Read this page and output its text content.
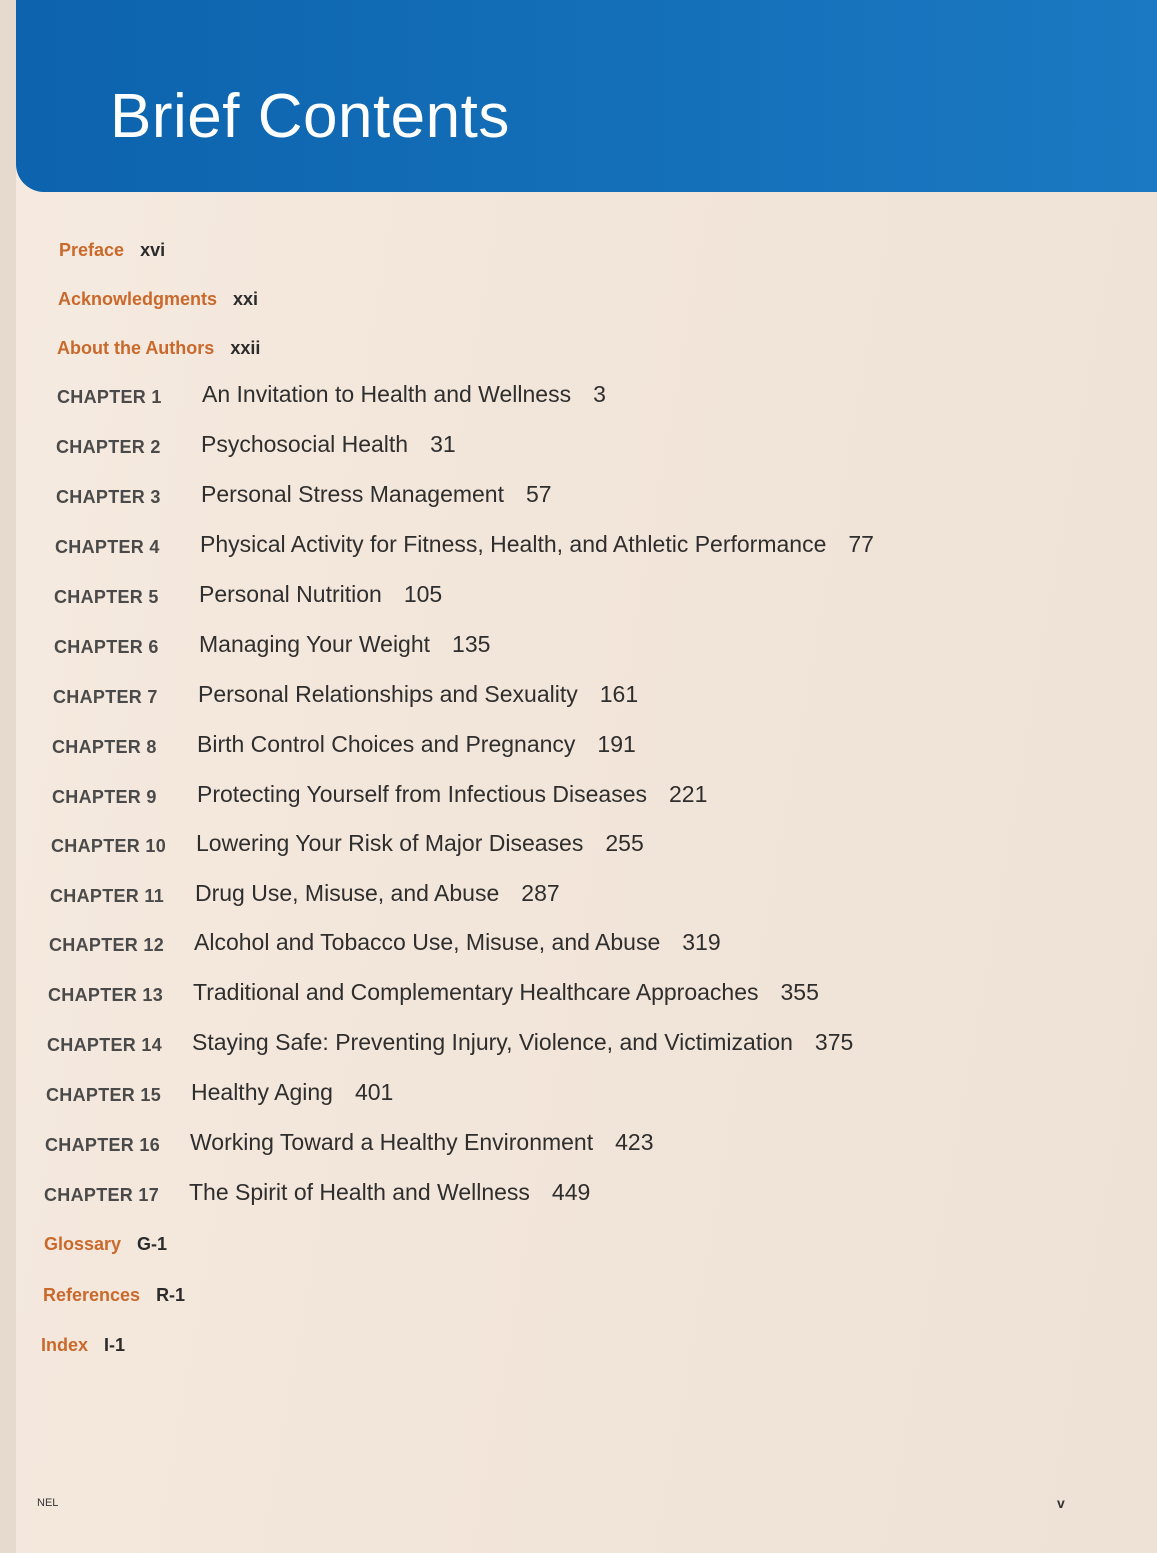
Brief Contents
Preface xvi
Acknowledgments xxi
About the Authors xxii
CHAPTER 1 An Invitation to Health and Wellness 3
CHAPTER 2 Psychosocial Health 31
CHAPTER 3 Personal Stress Management 57
CHAPTER 4 Physical Activity for Fitness, Health, and Athletic Performance 77
CHAPTER 5 Personal Nutrition 105
CHAPTER 6 Managing Your Weight 135
CHAPTER 7 Personal Relationships and Sexuality 161
CHAPTER 8 Birth Control Choices and Pregnancy 191
CHAPTER 9 Protecting Yourself from Infectious Diseases 221
CHAPTER 10 Lowering Your Risk of Major Diseases 255
CHAPTER 11 Drug Use, Misuse, and Abuse 287
CHAPTER 12 Alcohol and Tobacco Use, Misuse, and Abuse 319
CHAPTER 13 Traditional and Complementary Healthcare Approaches 355
CHAPTER 14 Staying Safe: Preventing Injury, Violence, and Victimization 375
CHAPTER 15 Healthy Aging 401
CHAPTER 16 Working Toward a Healthy Environment 423
CHAPTER 17 The Spirit of Health and Wellness 449
Glossary G-1
References R-1
Index I-1
NEL	v
